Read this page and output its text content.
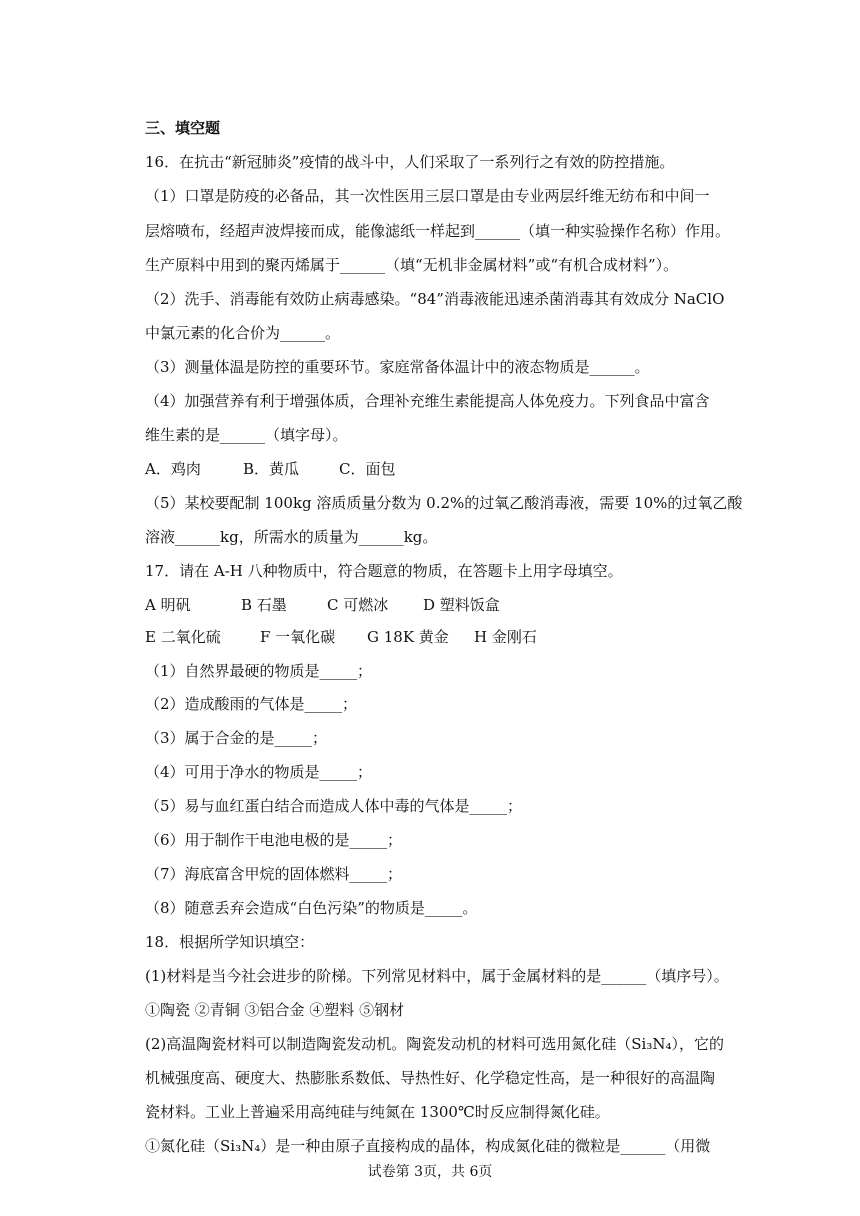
三、填空题
16．在抗击“新冠肺炎”疫情的战斗中，人们采取了一系列行之有效的防控措施。
（1）口罩是防疫的必备品，其一次性医用三层口罩是由专业两层纤维无纺布和中间一
层熔喷布，经超声波焊接而成，能像滤纸一样起到______（填一种实验操作名称）作用。
生产原料中用到的聚丙烯属于______（填“无机非金属材料”或“有机合成材料”）。
（2）洗手、消毒能有效防止病毒感染。“84”消毒液能迅速杀菌消毒其有效成分 NaClO
中氯元素的化合价为______。
（3）测量体温是防控的重要环节。家庭常备体温计中的液态物质是______。
（4）加强营养有利于增强体质，合理补充维生素能提高人体免疫力。下列食品中富含
维生素的是______（填字母）。
A．鸡肉	B．黄瓜	C．面包
（5）某校要配制 100kg 溶质质量分数为 0.2%的过氧乙酸消毒液，需要 10%的过氧乙酸
溶液______kg，所需水的质量为______kg。
17．请在 A-H 八种物质中，符合题意的物质，在答题卡上用字母填空。
A 明矾	B 石墨	C 可燃冰 D 塑料饭盒
E 二氧化硫	F 一氧化碳 G 18K 黄金 H 金刚石
（1）自然界最硬的物质是_____；
（2）造成酸雨的气体是_____；
（3）属于合金的是_____；
（4）可用于净水的物质是_____；
（5）易与血红蛋白结合而造成人体中毒的气体是_____；
（6）用于制作干电池电极的是_____；
（7）海底富含甲烷的固体燃料_____；
（8）随意丢弃会造成“白色污染”的物质是_____。
18．根据所学知识填空：
(1)材料是当今社会进步的阶梯。下列常见材料中，属于金属材料的是______（填序号）。
①陶瓷 ②青铜 ③铝合金 ④塑料 ⑤钢材
(2)高温陶瓷材料可以制造陶瓷发动机。陶瓷发动机的材料可选用氮化硅（Si₃N₄），它的
机械强度高、硬度大、热膨胀系数低、导热性好、化学稳定性高，是一种很好的高温陶
瓷材料。工业上普遍采用高纯硅与纯氮在 1300℃时反应制得氮化硅。
①氮化硅（Si₃N₄）是一种由原子直接构成的晶体，构成氮化硅的微粒是______（用微
试卷第 3页，共 6页
